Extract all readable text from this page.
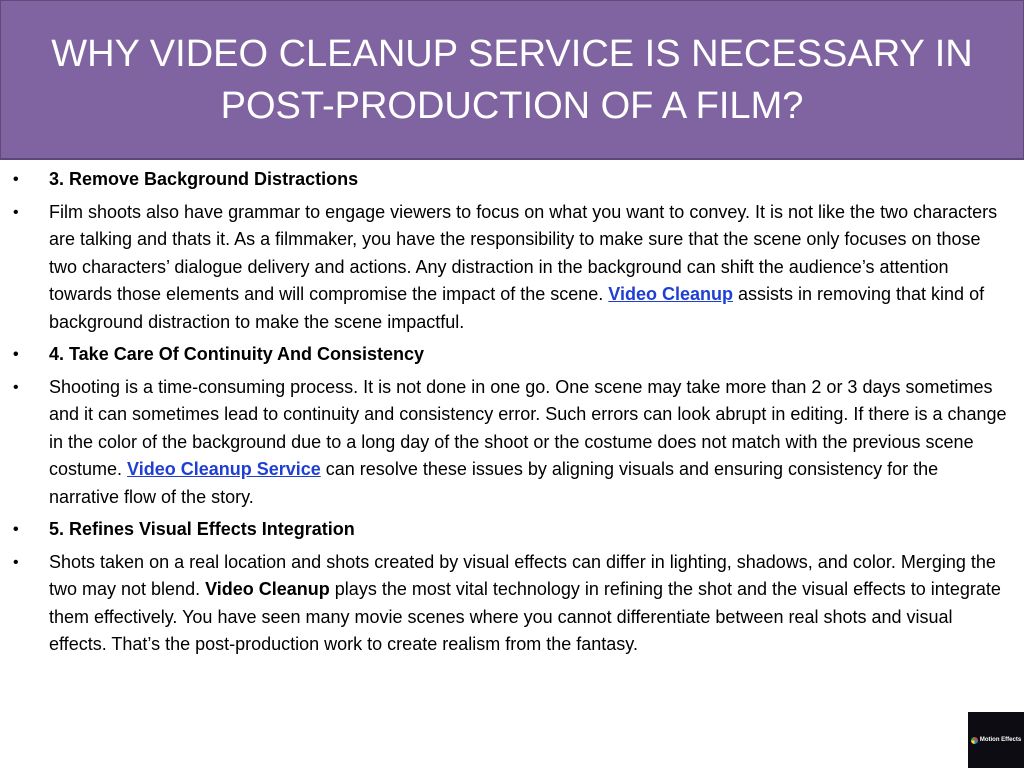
WHY VIDEO CLEANUP SERVICE IS NECESSARY IN
POST-PRODUCTION OF A FILM?
• 3. Remove Background Distractions
• Film shoots also have grammar to engage viewers to focus on what you want to convey. It is not like the two characters are talking and thats it. As a filmmaker, you have the responsibility to make sure that the scene only focuses on those two characters’ dialogue delivery and actions. Any distraction in the background can shift the audience’s attention towards those elements and will compromise the impact of the scene. Video Cleanup assists in removing that kind of background distraction to make the scene impactful.
• 4. Take Care Of Continuity And Consistency
• Shooting is a time-consuming process. It is not done in one go. One scene may take more than 2 or 3 days sometimes and it can sometimes lead to continuity and consistency error. Such errors can look abrupt in editing. If there is a change in the color of the background due to a long day of the shoot or the costume does not match with the previous scene costume. Video Cleanup Service can resolve these issues by aligning visuals and ensuring consistency for the narrative flow of the story.
• 5. Refines Visual Effects Integration
• Shots taken on a real location and shots created by visual effects can differ in lighting, shadows, and color. Merging the two may not blend. Video Cleanup plays the most vital technology in refining the shot and the visual effects to integrate them effectively. You have seen many movie scenes where you cannot differentiate between real shots and visual effects. That’s the post-production work to create realism from the fantasy.
Motion Effects
